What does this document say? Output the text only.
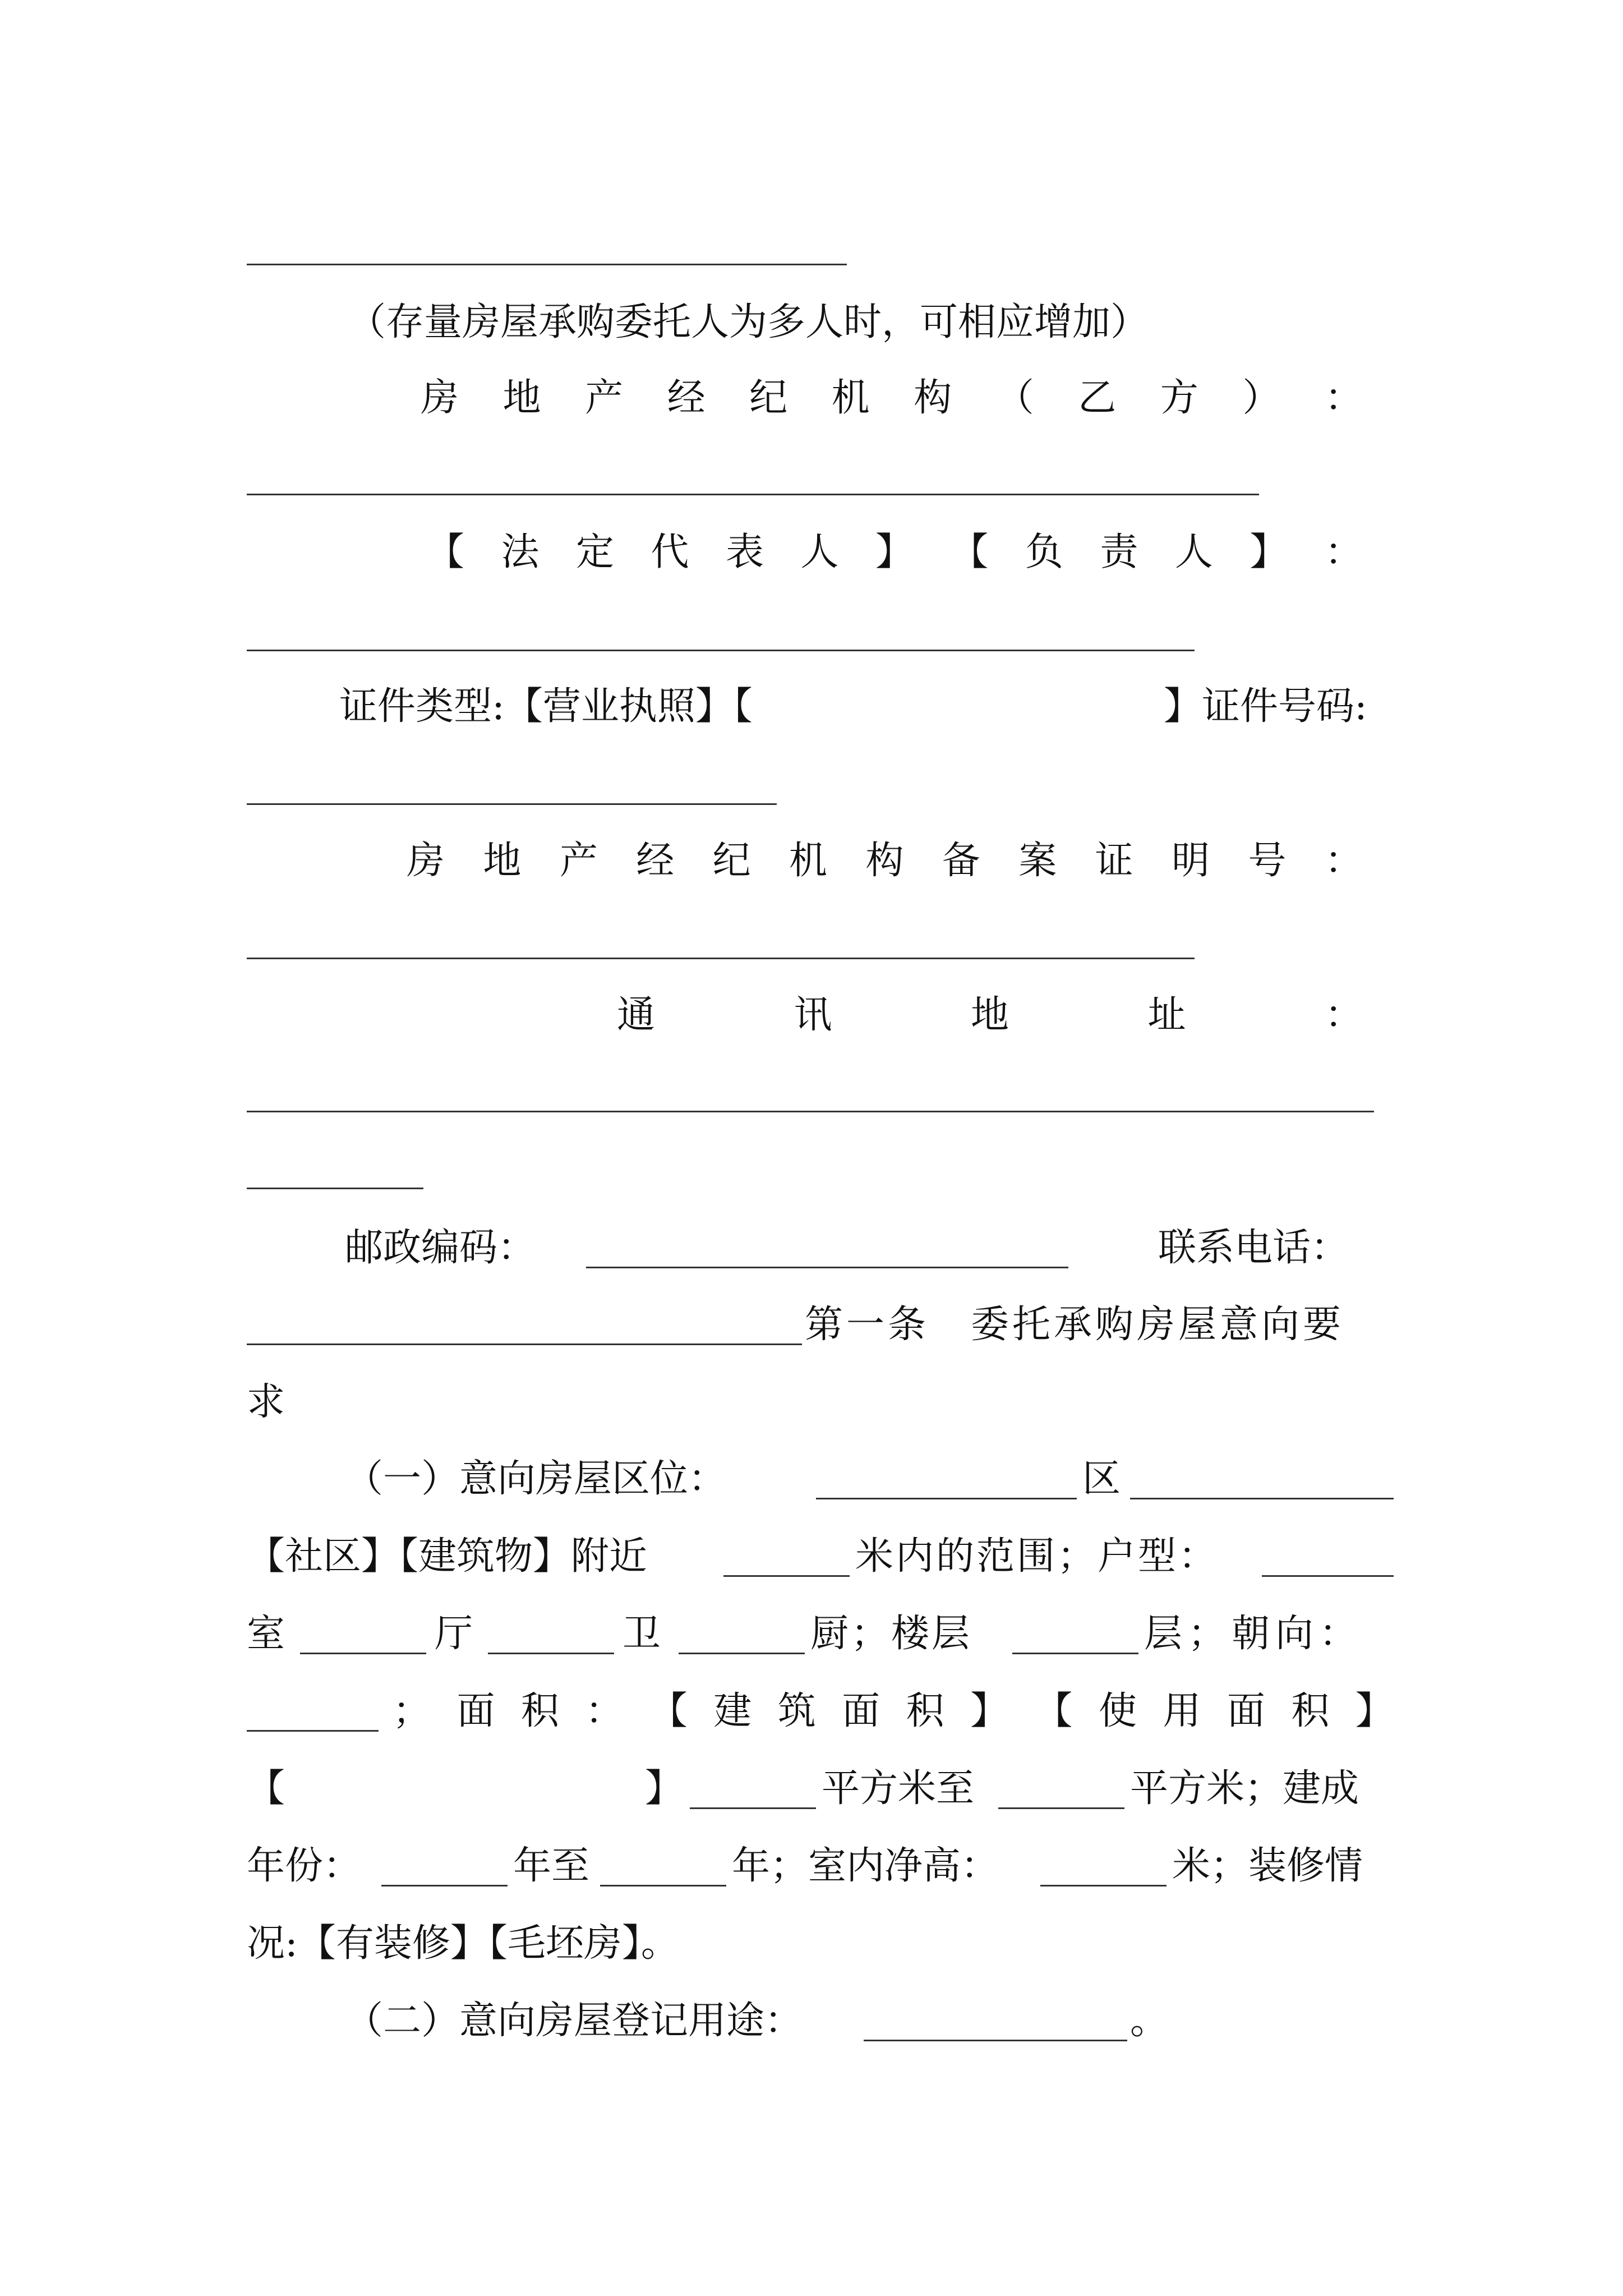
（存量房屋承购委托人为多人时，可相应增加）
房 地 产 经 纪 机 构 （ 乙 方 ） ：
【 法 定 代 表 人 】 【 负 责 人 】 ：
证件类型:【营业执照】【	】证件号码:
房 地 产 经 纪 机 构 备 案 证 明 号 ：
通	讯	地	址	：
邮政编码：	联系电话：
第一条　委托承购房屋意向要
求
（一）意向房屋区位：	区
【社区】【建筑物】附近	米内的范围；户型：
室	厅	卫	厨；楼层	层；朝向：
； 面 积 ： 【 建 筑 面 积 】 【 使 用 面 积 】
【	】	平方米至	平方米；建成
年份：	年至	年；室内净高：	米；装修情
况:【有装修】【毛坯房】。
（二）意向房屋登记用途：	。
